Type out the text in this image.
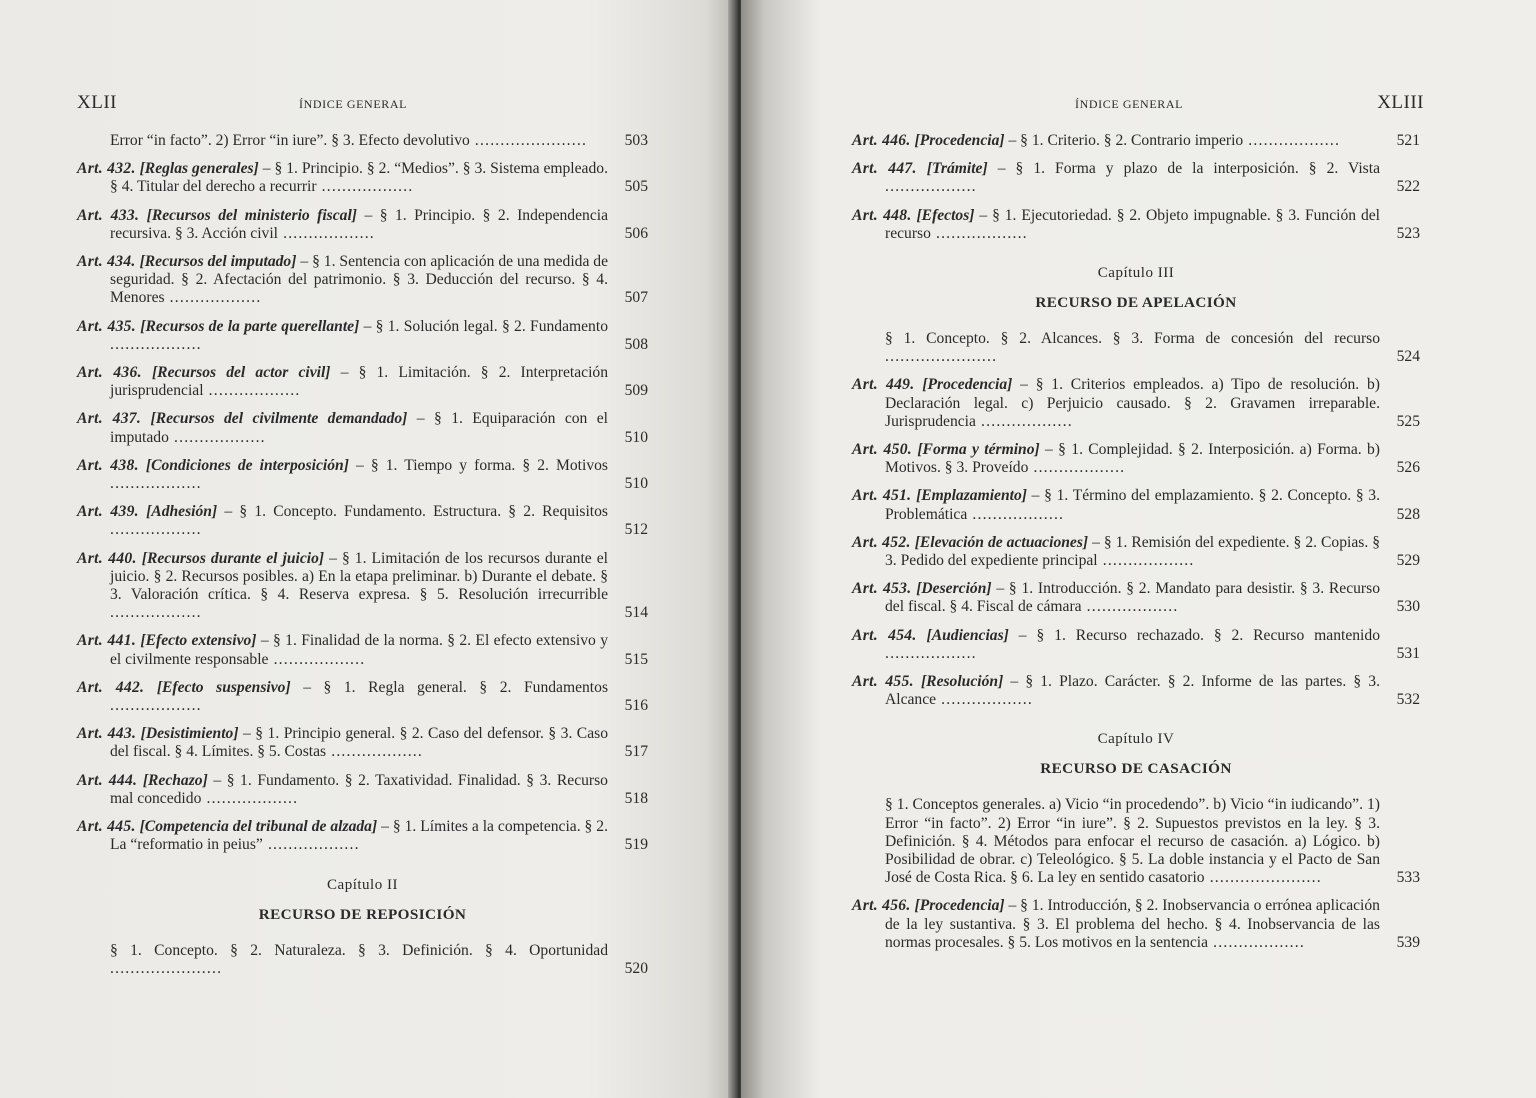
XLII	ÍNDICE GENERAL
Error “in facto”. 2) Error “in iure”. § 3. Efecto devolutivo ......................	503
Art. 432. [Reglas generales] – § 1. Principio. § 2. “Medios”. § 3. Sistema empleado. § 4. Titular del derecho a recurrir ..................	505
Art. 433. [Recursos del ministerio fiscal] – § 1. Principio. § 2. Independencia recursiva. § 3. Acción civil ..................	506
Art. 434. [Recursos del imputado] – § 1. Sentencia con aplicación de una medida de seguridad. § 2. Afectación del patrimonio. § 3. Deducción del recurso. § 4. Menores ..................	507
Art. 435. [Recursos de la parte querellante] – § 1. Solución legal. § 2. Fundamento ..................	508
Art. 436. [Recursos del actor civil] – § 1. Limitación. § 2. Interpretación jurisprudencial ..................	509
Art. 437. [Recursos del civilmente demandado] – § 1. Equiparación con el imputado ..................	510
Art. 438. [Condiciones de interposición] – § 1. Tiempo y forma. § 2. Motivos ..................	510
Art. 439. [Adhesión] – § 1. Concepto. Fundamento. Estructura. § 2. Requisitos ..................	512
Art. 440. [Recursos durante el juicio] – § 1. Limitación de los recursos durante el juicio. § 2. Recursos posibles. a) En la etapa preliminar. b) Durante el debate. § 3. Valoración crítica. § 4. Reserva expresa. § 5. Resolución irrecurrible ..................	514
Art. 441. [Efecto extensivo] – § 1. Finalidad de la norma. § 2. El efecto extensivo y el civilmente responsable ..................	515
Art. 442. [Efecto suspensivo] – § 1. Regla general. § 2. Fundamentos ..................	516
Art. 443. [Desistimiento] – § 1. Principio general. § 2. Caso del defensor. § 3. Caso del fiscal. § 4. Límites. § 5. Costas ..................	517
Art. 444. [Rechazo] – § 1. Fundamento. § 2. Taxatividad. Finalidad. § 3. Recurso mal concedido ..................	518
Art. 445. [Competencia del tribunal de alzada] – § 1. Límites a la competencia. § 2. La “reformatio in peius” ..................	519
Capítulo II
RECURSO DE REPOSICIÓN
§ 1. Concepto. § 2. Naturaleza. § 3. Definición. § 4. Oportunidad ......................	520
ÍNDICE GENERAL	XLIII
Art. 446. [Procedencia] – § 1. Criterio. § 2. Contrario imperio ..................	521
Art. 447. [Trámite] – § 1. Forma y plazo de la interposición. § 2. Vista ..................	522
Art. 448. [Efectos] – § 1. Ejecutoriedad. § 2. Objeto impugnable. § 3. Función del recurso ..................	523
Capítulo III
RECURSO DE APELACIÓN
§ 1. Concepto. § 2. Alcances. § 3. Forma de concesión del recurso ......................	524
Art. 449. [Procedencia] – § 1. Criterios empleados. a) Tipo de resolución. b) Declaración legal. c) Perjuicio causado. § 2. Gravamen irreparable. Jurisprudencia ..................	525
Art. 450. [Forma y término] – § 1. Complejidad. § 2. Interposición. a) Forma. b) Motivos. § 3. Proveído ..................	526
Art. 451. [Emplazamiento] – § 1. Término del emplazamiento. § 2. Concepto. § 3. Problemática ..................	528
Art. 452. [Elevación de actuaciones] – § 1. Remisión del expediente. § 2. Copias. § 3. Pedido del expediente principal ..................	529
Art. 453. [Deserción] – § 1. Introducción. § 2. Mandato para desistir. § 3. Recurso del fiscal. § 4. Fiscal de cámara ..................	530
Art. 454. [Audiencias] – § 1. Recurso rechazado. § 2. Recurso mantenido ..................	531
Art. 455. [Resolución] – § 1. Plazo. Carácter. § 2. Informe de las partes. § 3. Alcance ..................	532
Capítulo IV
RECURSO DE CASACIÓN
§ 1. Conceptos generales. a) Vicio “in procedendo”. b) Vicio “in iudicando”. 1) Error “in facto”. 2) Error “in iure”. § 2. Supuestos previstos en la ley. § 3. Definición. § 4. Métodos para enfocar el recurso de casación. a) Lógico. b) Posibilidad de obrar. c) Teleológico. § 5. La doble instancia y el Pacto de San José de Costa Rica. § 6. La ley en sentido casatorio ......................	533
Art. 456. [Procedencia] – § 1. Introducción, § 2. Inobservancia o errónea aplicación de la ley sustantiva. § 3. El problema del hecho. § 4. Inobservancia de las normas procesales. § 5. Los motivos en la sentencia ..................	539
